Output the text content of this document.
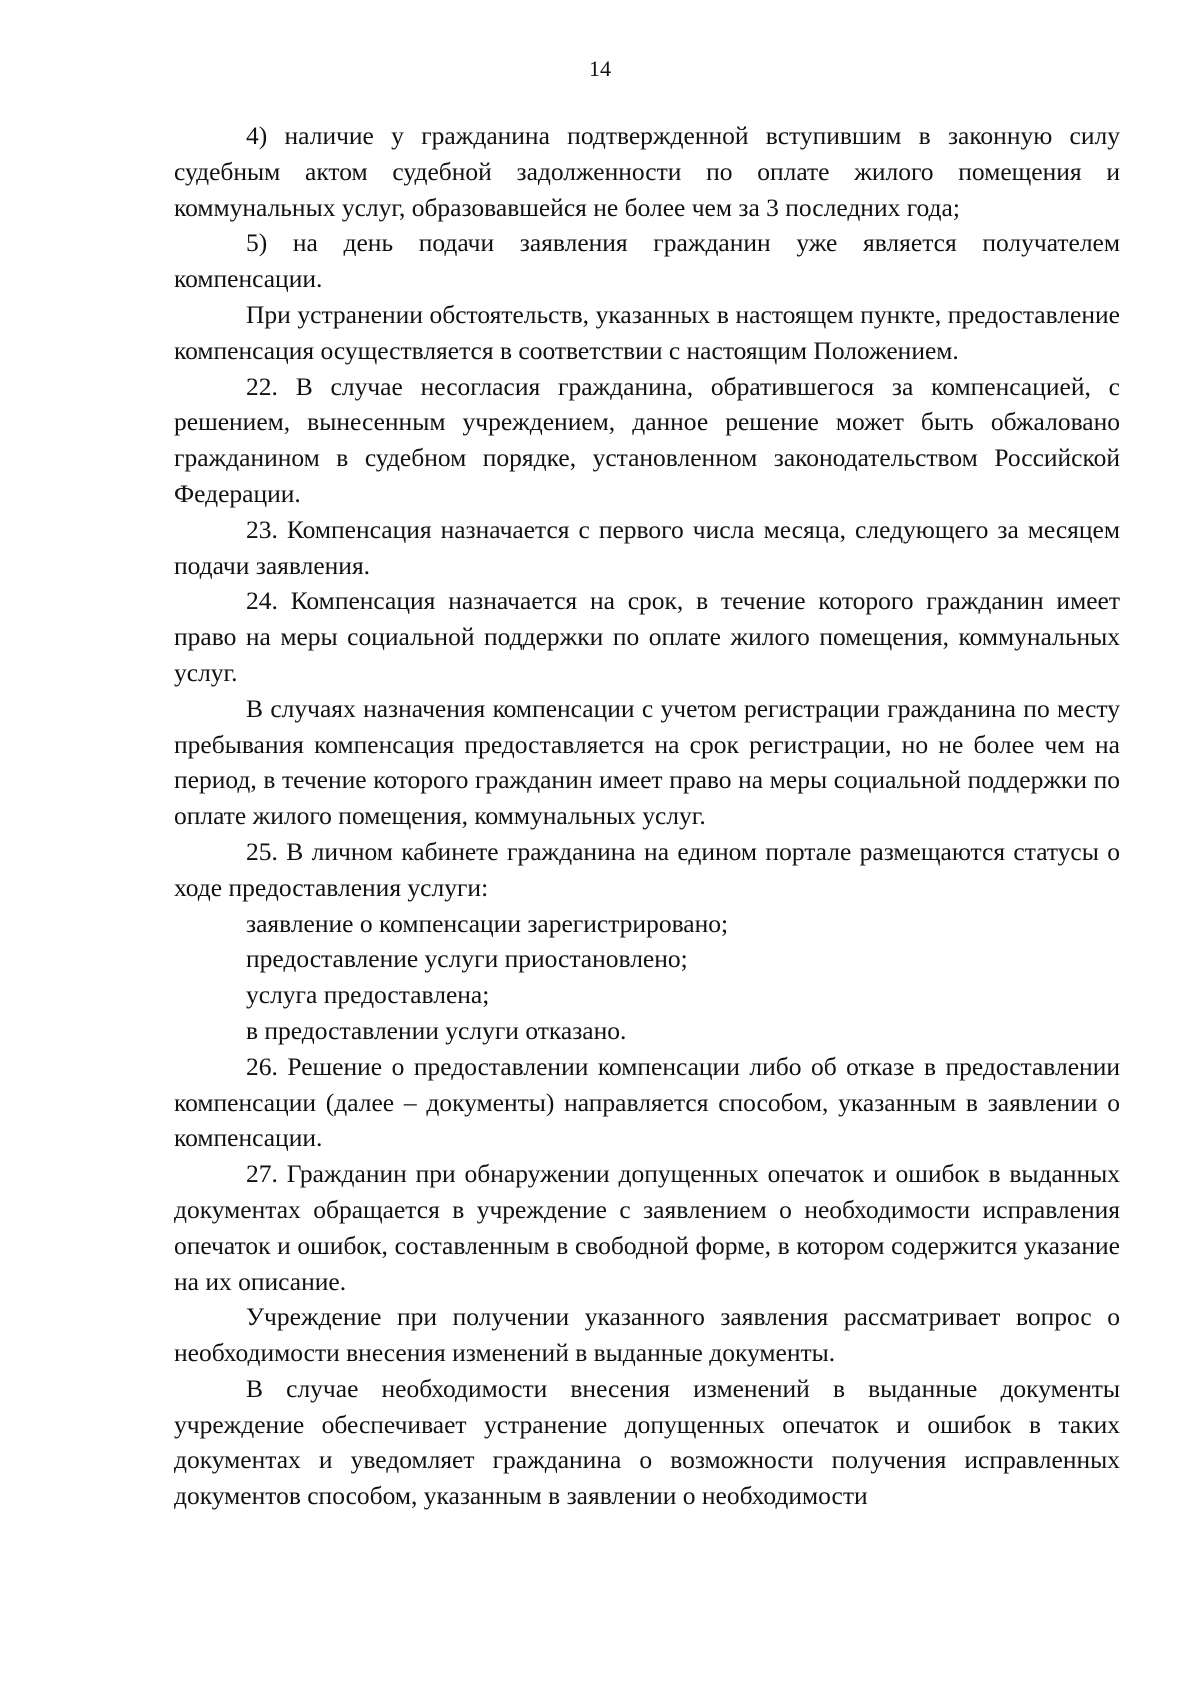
14

4) наличие у гражданина подтвержденной вступившим в законную силу судебным актом судебной задолженности по оплате жилого помещения и коммунальных услуг, образовавшейся не более чем за 3 последних года;

5) на день подачи заявления гражданин уже является получателем компенсации.

При устранении обстоятельств, указанных в настоящем пункте, предоставление компенсация осуществляется в соответствии с настоящим Положением.

22. В случае несогласия гражданина, обратившегося за компенсацией, с решением, вынесенным учреждением, данное решение может быть обжаловано гражданином в судебном порядке, установленном законодательством Российской Федерации.

23. Компенсация назначается с первого числа месяца, следующего за месяцем подачи заявления.

24. Компенсация назначается на срок, в течение которого гражданин имеет право на меры социальной поддержки по оплате жилого помещения, коммунальных услуг.

В случаях назначения компенсации с учетом регистрации гражданина по месту пребывания компенсация предоставляется на срок регистрации, но не более чем на период, в течение которого гражданин имеет право на меры социальной поддержки по оплате жилого помещения, коммунальных услуг.

25. В личном кабинете гражданина на едином портале размещаются статусы о ходе предоставления услуги:

заявление о компенсации зарегистрировано;

предоставление услуги приостановлено;

услуга предоставлена;

в предоставлении услуги отказано.

26. Решение о предоставлении компенсации либо об отказе в предоставлении компенсации (далее – документы) направляется способом, указанным в заявлении о компенсации.

27. Гражданин при обнаружении допущенных опечаток и ошибок в выданных документах обращается в учреждение с заявлением о необходимости исправления опечаток и ошибок, составленным в свободной форме, в котором содержится указание на их описание.

Учреждение при получении указанного заявления рассматривает вопрос о необходимости внесения изменений в выданные документы.

В случае необходимости внесения изменений в выданные документы учреждение обеспечивает устранение допущенных опечаток и ошибок в таких документах и уведомляет гражданина о возможности получения исправленных документов способом, указанным в заявлении о необходимости
